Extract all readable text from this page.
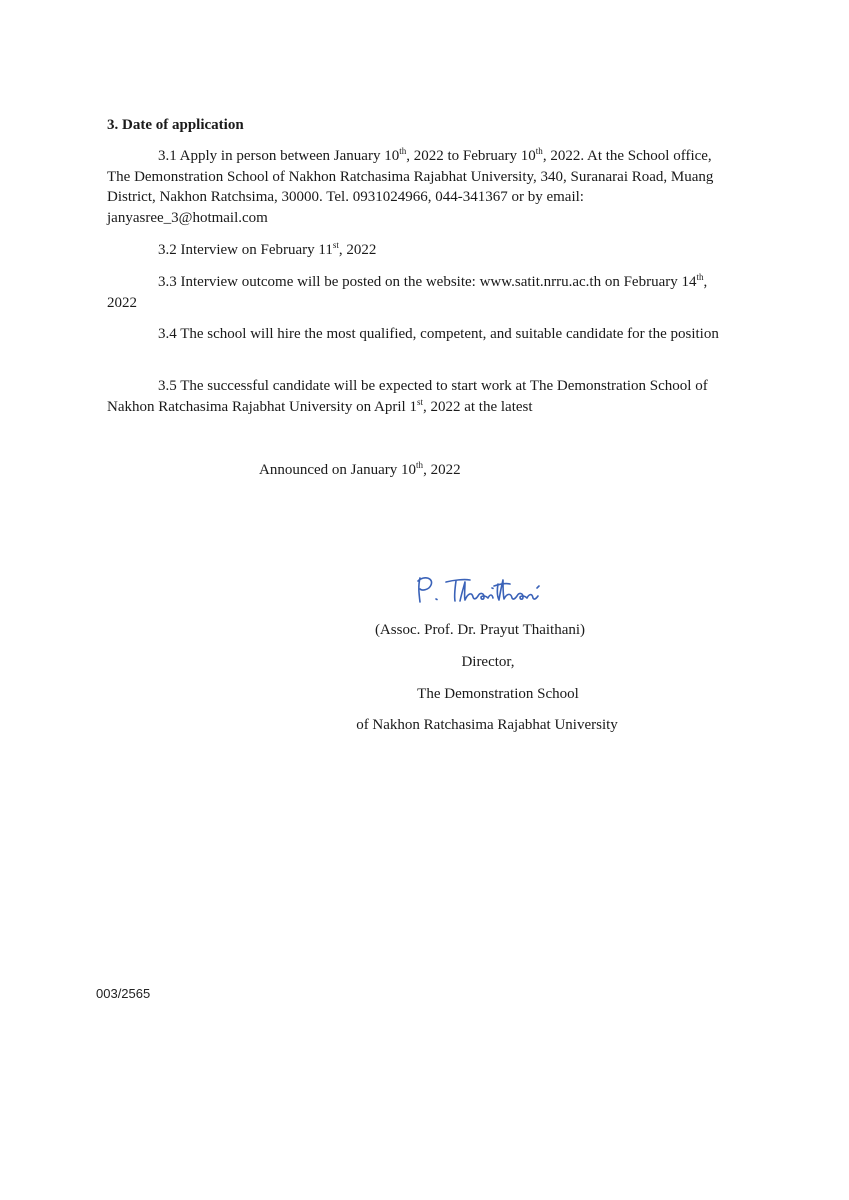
3. Date of application

3.1 Apply in person between January 10th, 2022 to February 10th, 2022. At the School office, The Demonstration School of Nakhon Ratchasima Rajabhat University, 340, Suranarai Road, Muang District, Nakhon Ratchsima, 30000. Tel. 0931024966, 044-341367 or by email: janyasree_3@hotmail.com

3.2 Interview on February 11st, 2022

3.3 Interview outcome will be posted on the website: www.satit.nrru.ac.th on February 14th, 2022

3.4 The school will hire the most qualified, competent, and suitable candidate for the position

3.5 The successful candidate will be expected to start work at The Demonstration School of Nakhon Ratchasima Rajabhat University on April 1st, 2022 at the latest

Announced on January 10th, 2022
(Assoc. Prof. Dr. Prayut Thaithani)
Director,
The Demonstration School
of Nakhon Ratchasima Rajabhat University
003/2565
